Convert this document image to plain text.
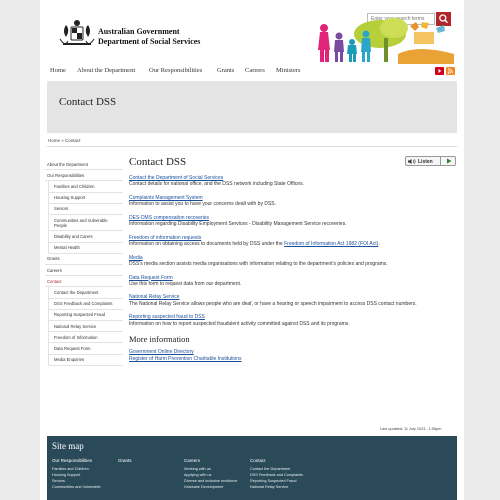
Australian Government
Department of Social Services
Enter your search terms
Home About the Department Our Responsibilities Grants Careers Ministers
Contact DSS
Home » Contact
About the Department
Our Responsibilities
Families and Children
Housing Support
Seniors
Communities and Vulnerable People
Disability and Carers
Mental Health
Grants
Careers
Contact
Contact the Department
DSS Feedback and Complaints
Reporting Suspected Fraud
National Relay Service
Freedom of Information
Data Request Form
Media Enquiries
Contact DSS	Listen
Contact the Department of Social Services
Contact details for national office, and the DSS network including State Offices.
Complaints Management System
Information to assist you to have your concerns dealt with by DSS.
DES-DMS compensation recoveries
Information regarding Disability Employment Services - Disability Management Service recoveries.
Freedom of information requests
Information on obtaining access to documents held by DSS under the Freedom of Information Act 1982 (FOI Act).
Media
DSS's media section assists media organisations with information relating to the department's policies and programs.
Data Request Form
Use this form to request data from our department.
National Relay Service
The National Relay Service allows people who are deaf, or have a hearing or speech impairment to access DSS contact numbers.
Reporting suspected fraud to DSS
Information on how to report suspected fraudulent activity committed against DSS and its programs.
More information
Government Online Directory
Register of Harm Prevention Charitable Institutions
Last updated: 11 July 2023 - 1:55pm
Site map
Our Responsibilities
Families and Children
Housing Support
Seniors
Communities and Vulnerable
Grants	Careers
Working with us
Applying with us
Diverse and inclusive workforce
Graduate Development
Contact
Contact the Department
DSS Feedback and Complaints
Reporting Suspected Fraud
National Relay Service
